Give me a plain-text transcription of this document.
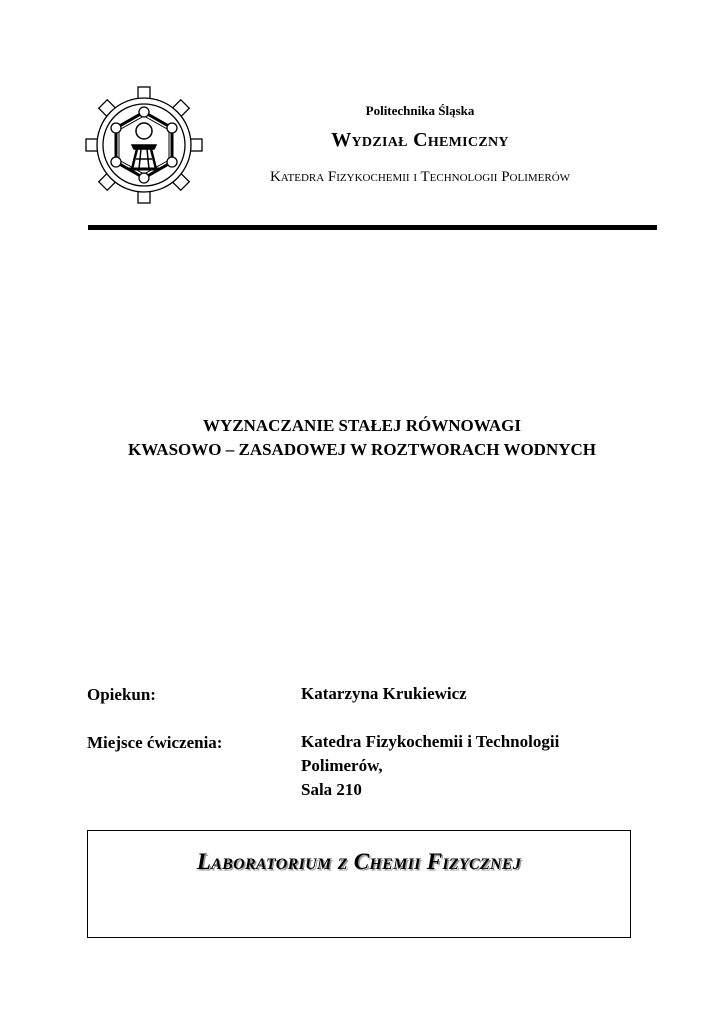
Politechnika Śląska
Wydział Chemiczny
Katedra Fizykochemii i Technologii Polimerów
WYZNACZANIE STAŁEJ RÓWNOWAGI
KWASOWO – ZASADOWEJ W ROZTWORACH WODNYCH
Opiekun:	Katarzyna Krukiewicz
Miejsce ćwiczenia:	Katedra Fizykochemii i Technologii
Polimerów,
Sala 210
Laboratorium z Chemii Fizycznej
